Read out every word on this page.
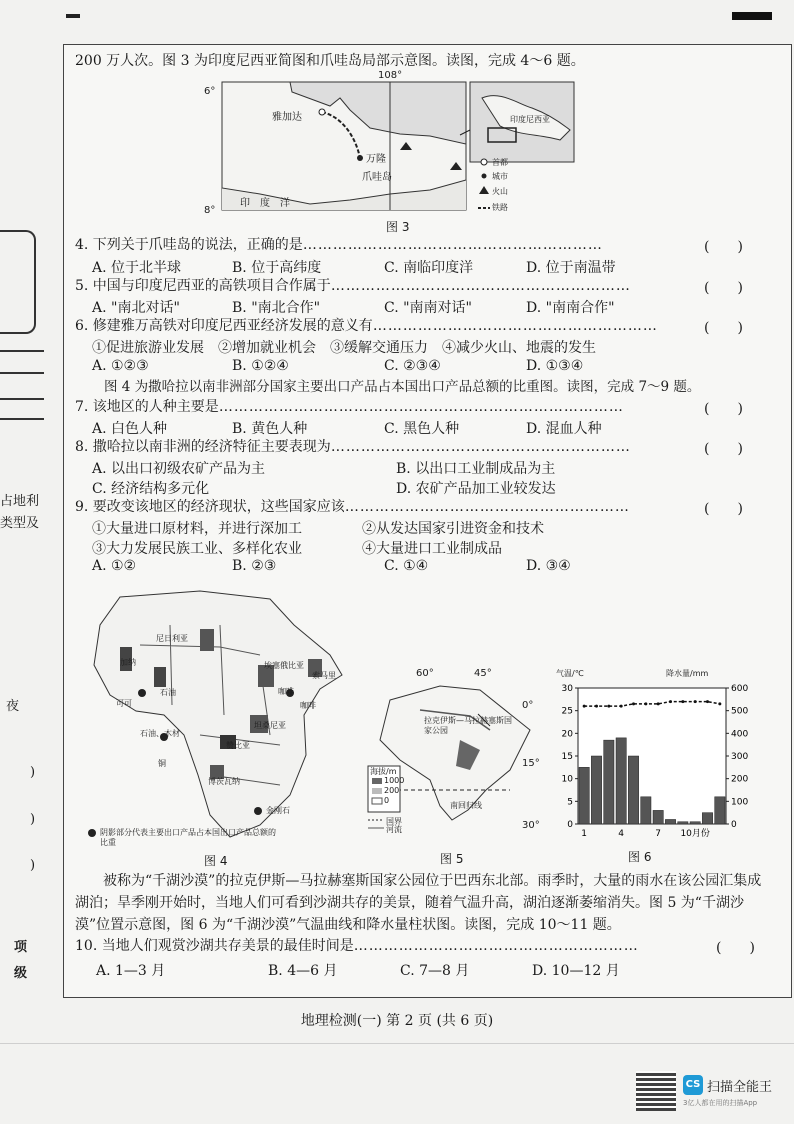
占地利
类型及
夜
)
)
)
项
级
200 万人次。图 3 为印度尼西亚简图和爪哇岛局部示意图。读图，完成 4～6 题。
108°
6°
8°
雅加达
万隆
爪哇岛
印　度　洋
印度尼西亚
首都
城市
火山
铁路
图 3
4. 下列关于爪哇岛的说法，正确的是……………………………………………………	(　　)
A. 位于北半球	B. 位于高纬度	C. 南临印度洋	D. 位于南温带
5. 中国与印度尼西亚的高铁项目合作属于……………………………………………………	(　　)
A. "南北对话"	B. "南北合作"	C. "南南对话"	D. "南南合作"
6. 修建雅万高铁对印度尼西亚经济发展的意义有…………………………………………………	(　　)
①促进旅游业发展　②增加就业机会　③缓解交通压力　④减少火山、地震的发生
A. ①②③	B. ①②④	C. ②③④	D. ①③④
图 4 为撒哈拉以南非洲部分国家主要出口产品占本国出口产品总额的比重图。读图，完成 7～9 题。
7. 该地区的人种主要是………………………………………………………………………	(　　)
A. 白色人种	B. 黄色人种	C. 黑色人种	D. 混血人种
8. 撒哈拉以南非洲的经济特征主要表现为……………………………………………………	(　　)
A. 以出口初级农矿产品为主	B. 以出口工业制成品为主
C. 经济结构多元化	D. 农矿产品加工业较发达
9. 要改变该地区的经济现状，这些国家应该…………………………………………………	(　　)
①大量进口原材料，并进行深加工	②从发达国家引进资金和技术
③大力发展民族工业、多样化农业	④大量进口工业制成品
A. ①②	B. ②③	C. ①④	D. ③④
尼日利亚
加纳
石油
可可	咖啡
石油、木材
铜
赞比亚
博茨瓦纳
金刚石
索马里
埃塞俄比亚
咖啡
坦桑尼亚
阴影部分代表主要出口产品占本国出口产品总额的比重
图 4
60°	45°
0°
15°
30°
拉克伊斯—马拉赫塞斯国家公园
南回归线
海拔/m
1000
200
0
国界
河流
图 5
30
25
20
15
10
5
0
600
500
400
300
200
100
0
1	4	7 10月份
气温/℃	降水量/mm
图 6
被称为“千湖沙漠”的拉克伊斯—马拉赫塞斯国家公园位于巴西东北部。雨季时，大量的雨水在该公园汇集成湖泊；旱季刚开始时，当地人们可看到沙湖共存的美景，随着气温升高，湖泊逐渐萎缩消失。图 5 为“千湖沙漠”位置示意图，图 6 为“千湖沙漠”气温曲线和降水量柱状图。读图，完成 10～11 题。
10. 当地人们观赏沙湖共存美景的最佳时间是…………………………………………………	(　　)
A. 1—3 月	B. 4—6 月	C. 7—8 月	D. 10—12 月
地理检测(一) 第 2 页 (共 6 页)
CS 扫描全能王
3亿人都在用的扫描App
